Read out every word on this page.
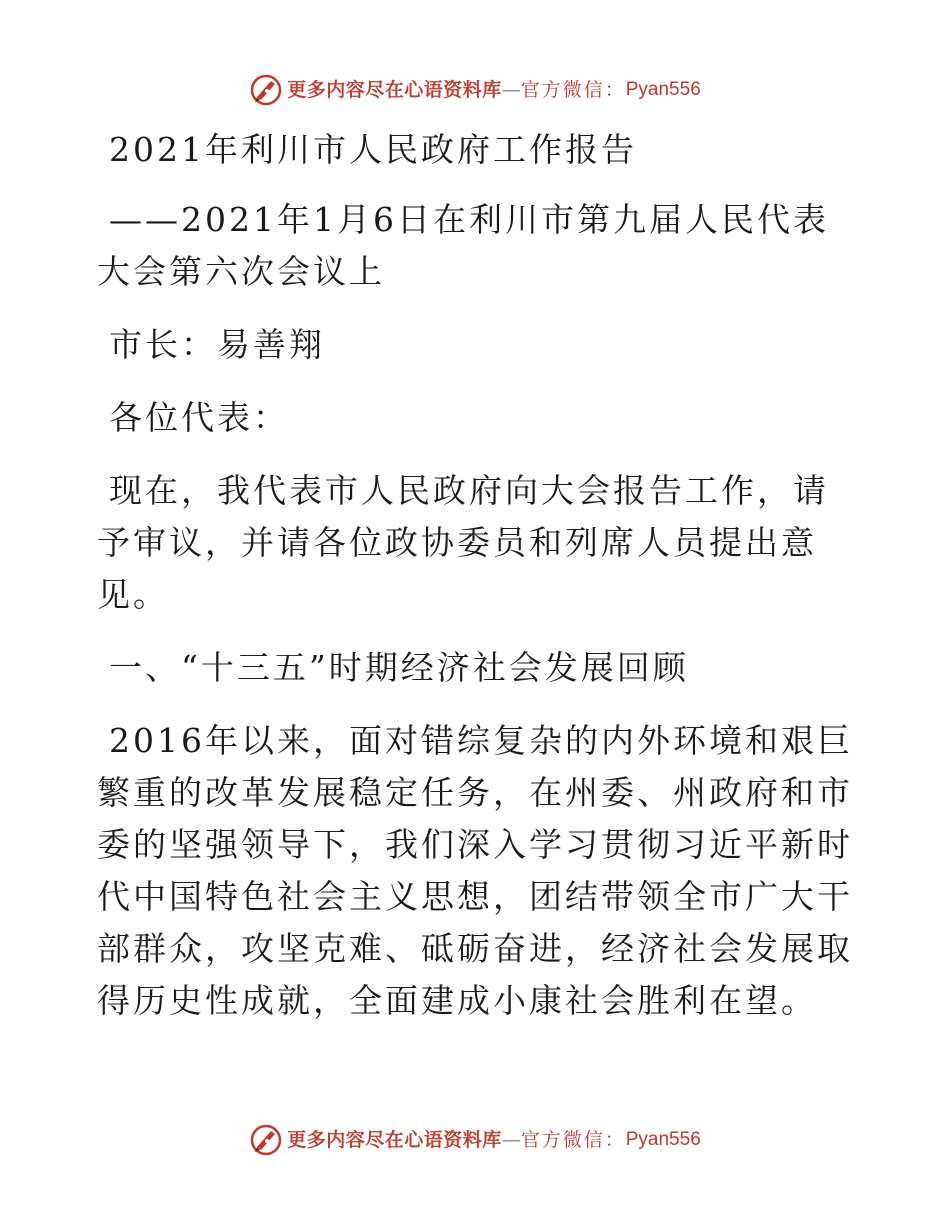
更多内容尽在心语资料库 — 官方微信： Pyan556

2021年利川市人民政府工作报告

——2021年1月6日在利川市第九届人民代表大会第六次会议上

市长：易善翔

各位代表：

现在，我代表市人民政府向大会报告工作，请予审议，并请各位政协委员和列席人员提出意见。

一、“十三五”时期经济社会发展回顾

2016年以来，面对错综复杂的内外环境和艰巨繁重的改革发展稳定任务，在州委、州政府和市委的坚强领导下，我们深入学习贯彻习近平新时代中国特色社会主义思想，团结带领全市广大干部群众，攻坚克难、砥砺奋进，经济社会发展取得历史性成就，全面建成小康社会胜利在望。

更多内容尽在心语资料库 — 官方微信： Pyan556
